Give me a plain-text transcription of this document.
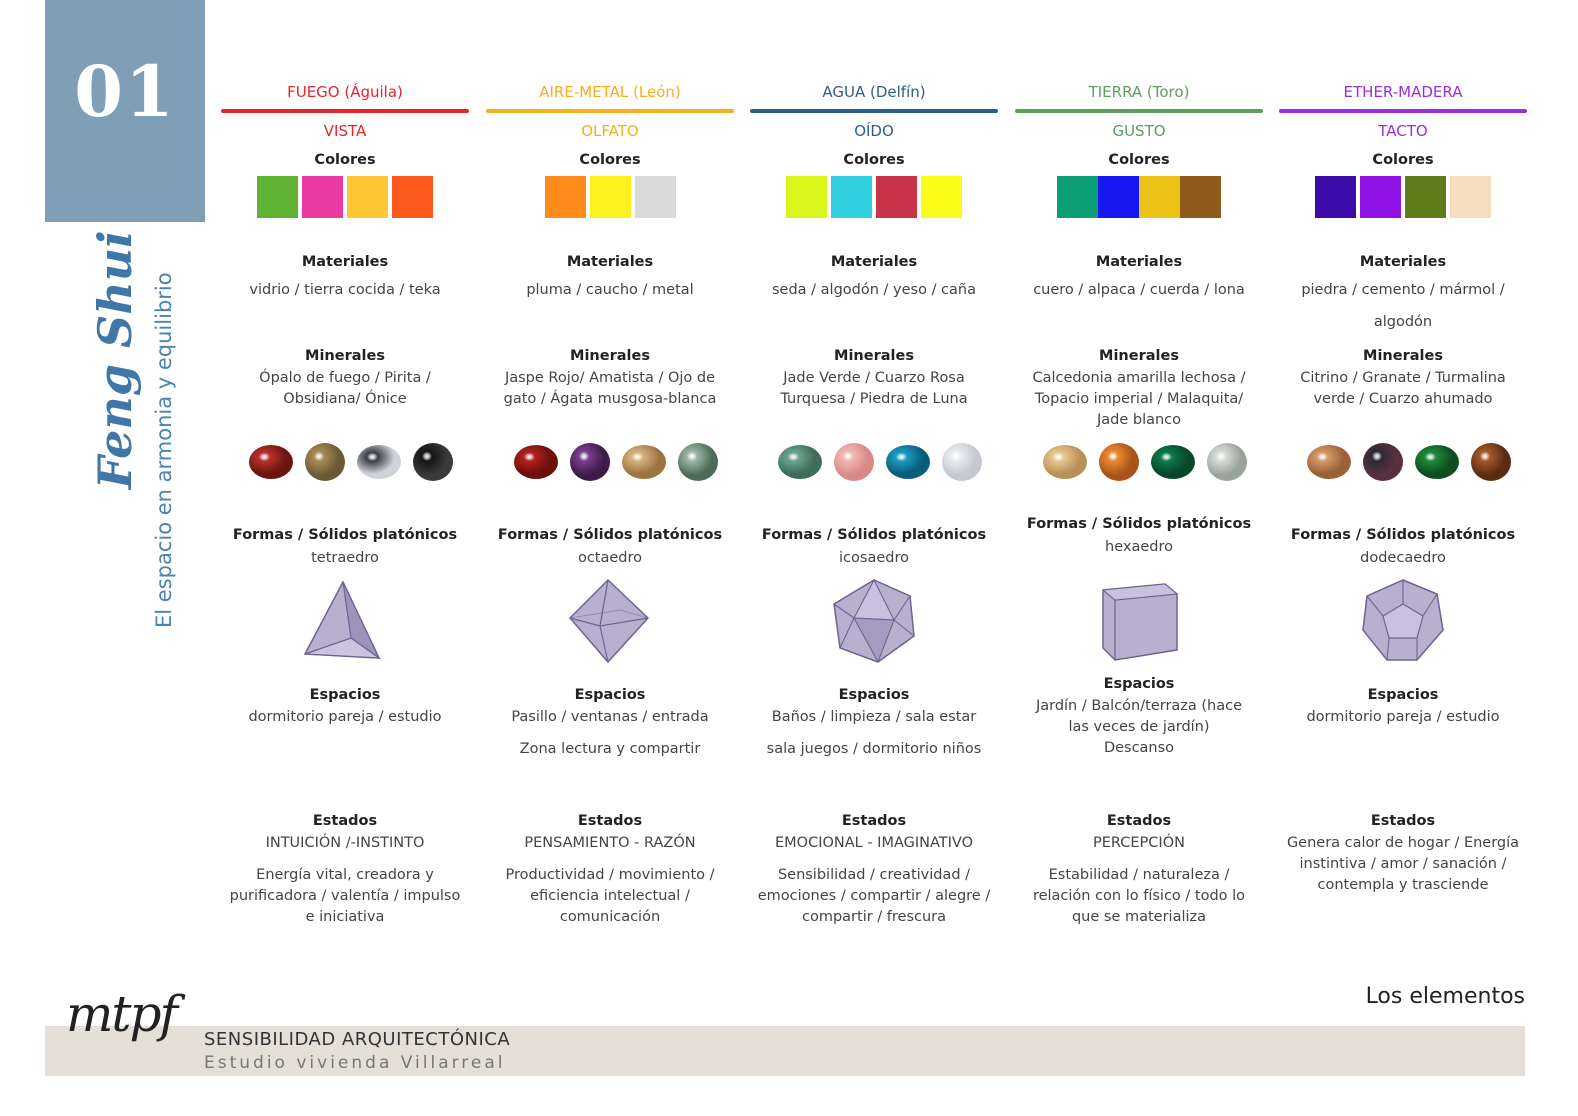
01
Feng Shui El espacio en armonia y equilibrio
FUEGO (Águila)
VISTA
Colores
Materiales
vidrio / tierra cocida / teka
Minerales
Ópalo de fuego / Pirita / Obsidiana/ Ónice
Formas / Sólidos platónicos
tetraedro
Espacios
dormitorio pareja / estudio
Estados
INTUICIÓN /-INSTINTO
Energía vital, creadora y purificadora / valentía / impulso e iniciativa
AIRE-METAL (León)
OLFATO
Colores
Materiales
pluma / caucho / metal
Minerales
Jaspe Rojo/ Amatista / Ojo de gato / Ágata musgosa-blanca
Formas / Sólidos platónicos
octaedro
Espacios
Pasillo / ventanas / entrada
Zona lectura y compartir
Estados
PENSAMIENTO - RAZÓN
Productividad / movimiento / eficiencia intelectual / comunicación
AGUA (Delfín)
OÍDO
Colores
Materiales
seda / algodón / yeso / caña
Minerales
Jade Verde / Cuarzo Rosa Turquesa / Piedra de Luna
Formas / Sólidos platónicos
icosaedro
Espacios
Baños / limpieza / sala estar
sala juegos / dormitorio niños
Estados
EMOCIONAL - IMAGINATIVO
Sensibilidad / creatividad / emociones / compartir / alegre / compartir / frescura
TIERRA (Toro)
GUSTO
Colores
Materiales
cuero / alpaca / cuerda / lona
Minerales
Calcedonia amarilla lechosa / Topacio imperial / Malaquita/ Jade blanco
Formas / Sólidos platónicos
hexaedro
Espacios
Jardín / Balcón/terraza (hace las veces de jardín) Descanso
Estados
PERCEPCIÓN
Estabilidad / naturaleza / relación con lo físico / todo lo que se materializa
ETHER-MADERA
TACTO
Colores
Materiales
piedra / cemento / mármol / algodón
Minerales
Citrino / Granate / Turmalina verde / Cuarzo ahumado
Formas / Sólidos platónicos
dodecaedro
Espacios
dormitorio pareja / estudio
Estados
Genera calor de hogar / Energía instintiva / amor / sanación / contempla y trasciende
Los elementos
mtpf SENSIBILIDAD ARQUITECTÓNICA
Estudio vivienda Villarreal
